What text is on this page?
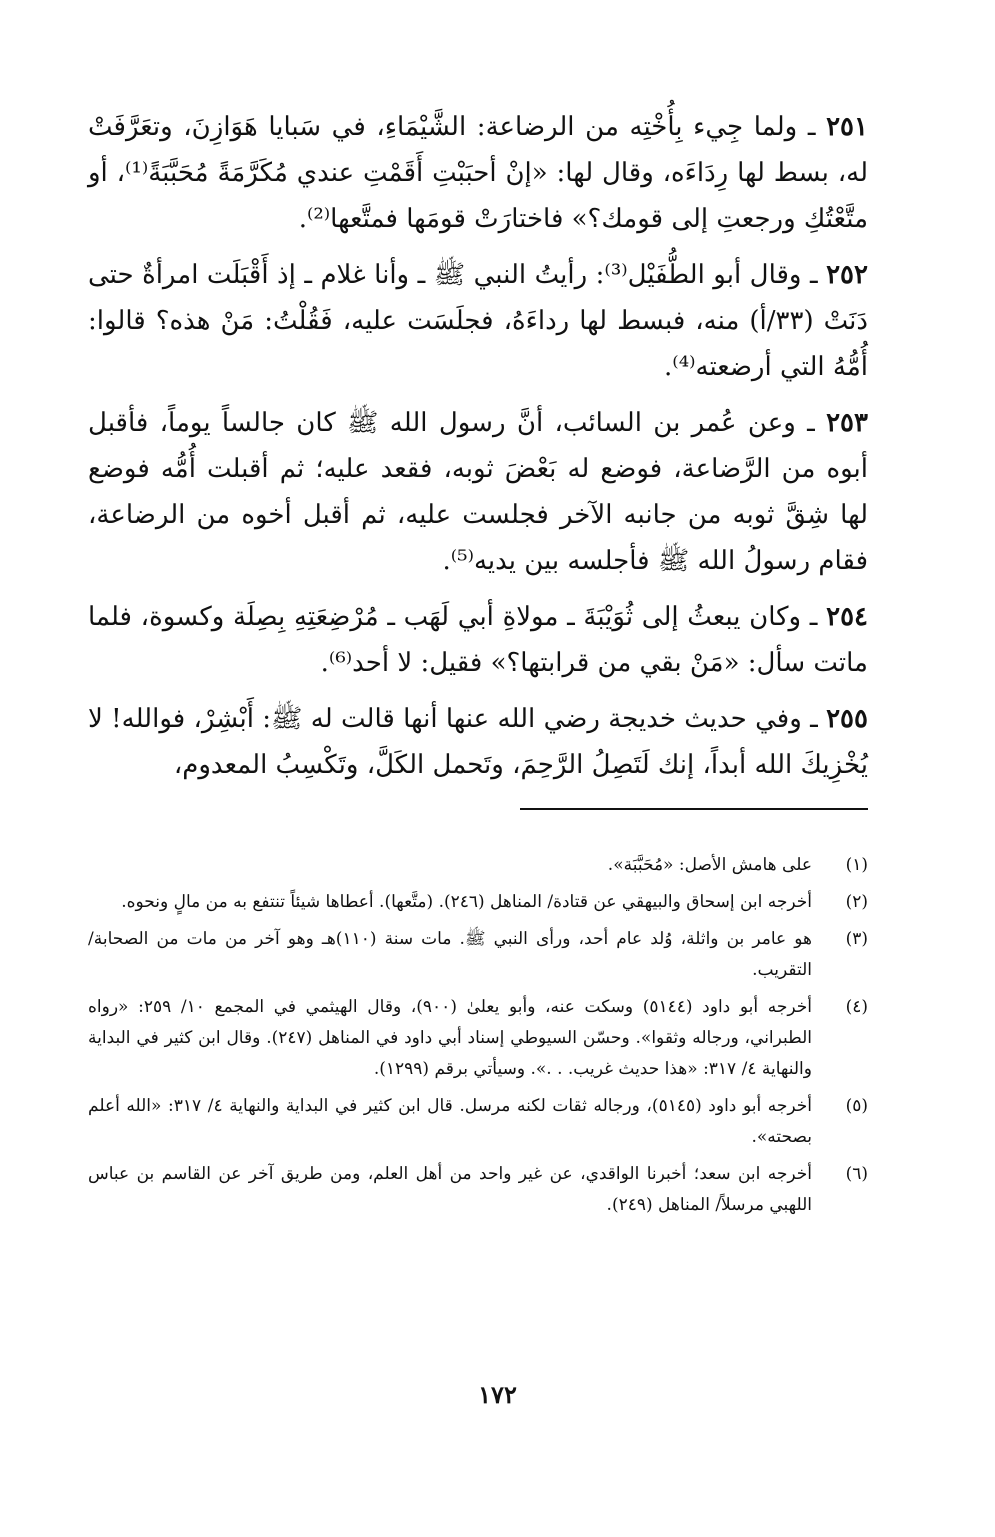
٢٥١ ـ ولما جِيء بِأُخْتِه من الرضاعة: الشَّيْمَاءِ، في سَبايا هَوَازِنَ، وتعَرَّفَتْ له، بسط لها رِدَاءَه، وقال لها: «إنْ أحبَبْتِ أَقَمْتِ عندي مُكَرَّمَةً مُحَبَّبَةً⁽¹⁾، أو متَّعْتُكِ ورجعتِ إلى قومك؟» فاختارَتْ قومَها فمتَّعها⁽²⁾.

٢٥٢ ـ وقال أبو الطُّفَيْل⁽³⁾: رأيتُ النبي ﷺ ـ وأنا غلام ـ إذ أَقْبَلَت امرأةٌ حتى دَنَتْ (٣٣/أ) منه، فبسط لها رداءَهُ، فجلَسَت عليه، فَقُلْتُ: مَنْ هذه؟ قالوا: أُمُّهُ التي أرضعته⁽⁴⁾.

٢٥٣ ـ وعن عُمر بن السائب، أنَّ رسول الله ﷺ كان جالساً يوماً، فأقبل أبوه من الرَّضاعة، فوضع له بَعْضَ ثوبه، فقعد عليه؛ ثم أقبلت أُمُّه فوضع لها شِقَّ ثوبه من جانبه الآخر فجلست عليه، ثم أقبل أخوه من الرضاعة، فقام رسولُ الله ﷺ فأجلسه بين يديه⁽⁵⁾.

٢٥٤ ـ وكان يبعثُ إلى ثُوَيْبَةَ ـ مولاةِ أبي لَهَب ـ مُرْضِعَتِهِ بِصِلَة وكسوة، فلما ماتت سأل: «مَنْ بقي من قرابتها؟» فقيل: لا أحد⁽⁶⁾.

٢٥٥ ـ وفي حديث خديجة رضي الله عنها أنها قالت له ﷺ: أَبْشِرْ، فوالله! لا يُخْزِيكَ الله أبداً، إنك لَتَصِلُ الرَّحِمَ، وتَحمل الكَلَّ، وتَكْسِبُ المعدوم،

(١)
على هامش الأصل: «مُحَبَّبَة».
(٢)
أخرجه ابن إسحاق والبيهقي عن قتادة/ المناهل (٢٤٦). (متَّعها). أعطاها شيئاً تنتفع به من مالٍ ونحوه.
(٣)
هو عامر بن واثلة، وُلد عام أحد، ورأى النبي ﷺ. مات سنة (١١٠)هـ وهو آخر من مات من الصحابة/ التقريب.
(٤)
أخرجه أبو داود (٥١٤٤) وسكت عنه، وأبو يعلىٰ (٩٠٠)، وقال الهيثمي في المجمع ١٠/ ٢٥٩: «رواه الطبراني، ورجاله وثقوا». وحسّن السيوطي إسناد أبي داود في المناهل (٢٤٧). وقال ابن كثير في البداية والنهاية ٤/ ٣١٧: «هذا حديث غريب. . .». وسيأتي برقم (١٢٩٩).
(٥)
أخرجه أبو داود (٥١٤٥)، ورجاله ثقات لكنه مرسل. قال ابن كثير في البداية والنهاية ٤/ ٣١٧: «الله أعلم بصحته».
(٦)
أخرجه ابن سعد؛ أخبرنا الواقدي، عن غير واحد من أهل العلم، ومن طريق آخر عن القاسم بن عباس اللهبي مرسلاً/ المناهل (٢٤٩).
١٧٢
